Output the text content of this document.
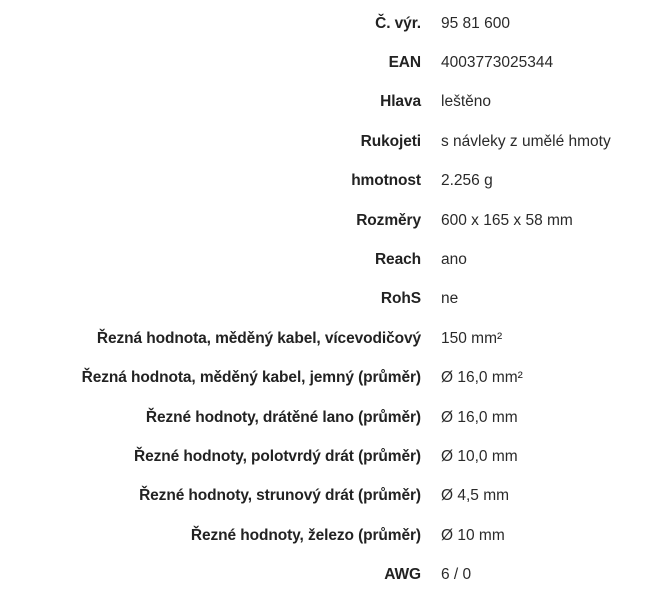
Č. výr.	95 81 600
EAN	4003773025344
Hlava	leštěno
Rukojeti	s návleky z umělé hmoty
hmotnost	2.256 g
Rozměry	600 x 165 x 58 mm
Reach	ano
RohS	ne
Řezná hodnota, měděný kabel, vícevodičový	150 mm²
Řezná hodnota, měděný kabel, jemný (průměr)	Ø 16,0 mm²
Řezné hodnoty, drátěné lano (průměr)	Ø 16,0 mm
Řezné hodnoty, polotvrdý drát (průměr)	Ø 10,0 mm
Řezné hodnoty, strunový drát (průměr)	Ø 4,5 mm
Řezné hodnoty, železo (průměr)	Ø 10 mm
AWG	6 / 0
